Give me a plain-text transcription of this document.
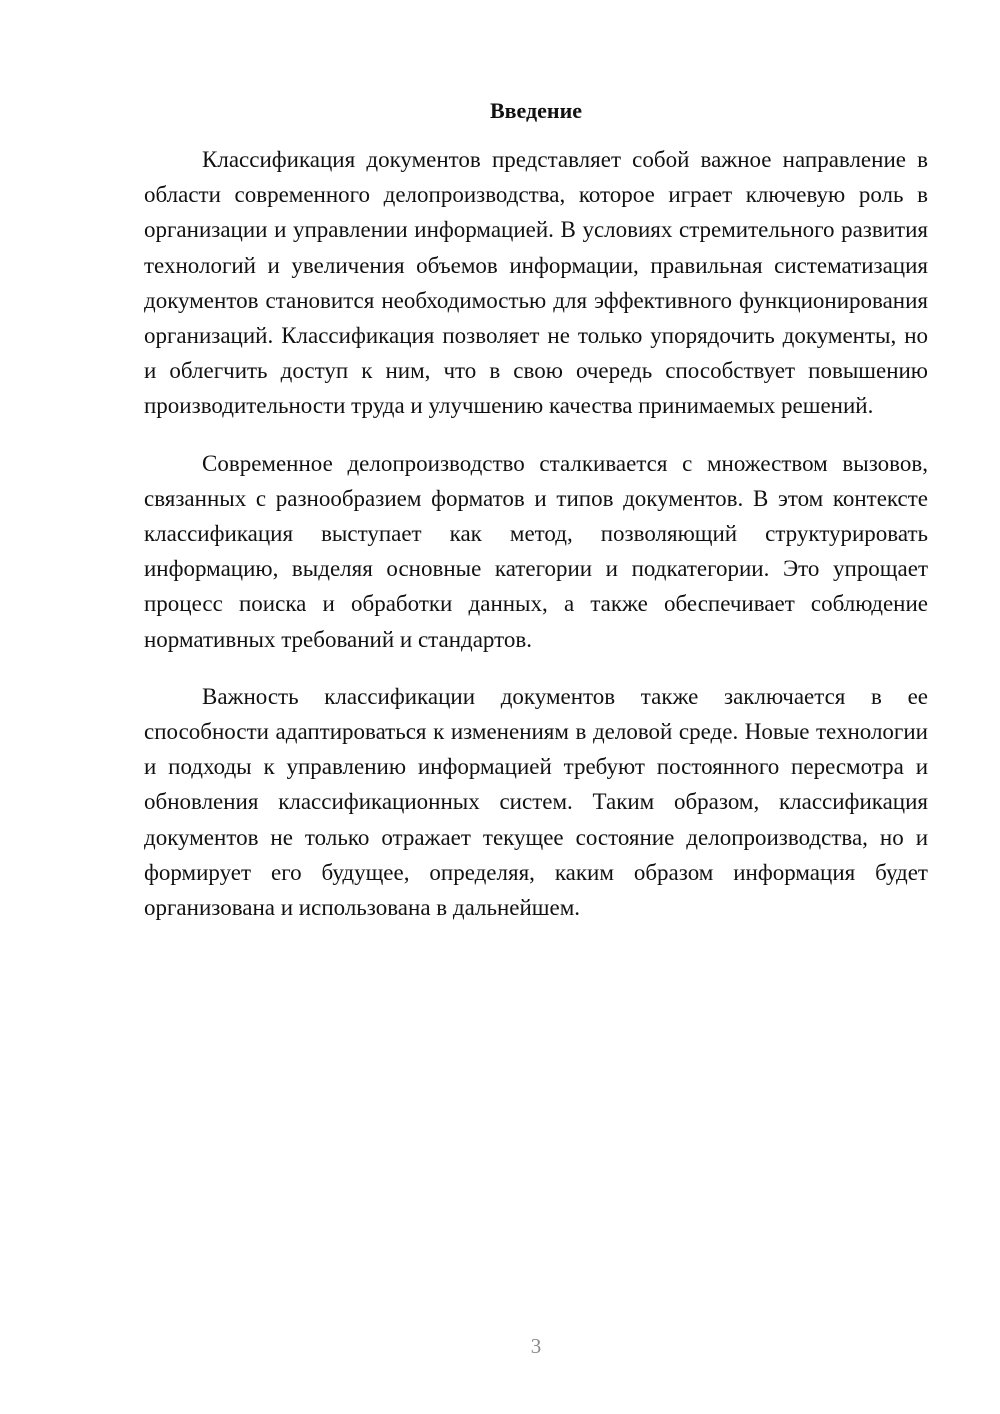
Введение

Классификация документов представляет собой важное направление в области современного делопроизводства, которое играет ключевую роль в организации и управлении информацией. В условиях стремительного развития технологий и увеличения объемов информации, правильная систематизация документов становится необходимостью для эффективного функционирования организаций. Классификация позволяет не только упорядочить документы, но и облегчить доступ к ним, что в свою очередь способствует повышению производительности труда и улучшению качества принимаемых решений.

Современное делопроизводство сталкивается с множеством вызовов, связанных с разнообразием форматов и типов документов. В этом контексте классификация выступает как метод, позволяющий структурировать информацию, выделяя основные категории и подкатегории. Это упрощает процесс поиска и обработки данных, а также обеспечивает соблюдение нормативных требований и стандартов.

Важность классификации документов также заключается в ее способности адаптироваться к изменениям в деловой среде. Новые технологии и подходы к управлению информацией требуют постоянного пересмотра и обновления классификационных систем. Таким образом, классификация документов не только отражает текущее состояние делопроизводства, но и формирует его будущее, определяя, каким образом информация будет организована и использована в дальнейшем.

3
